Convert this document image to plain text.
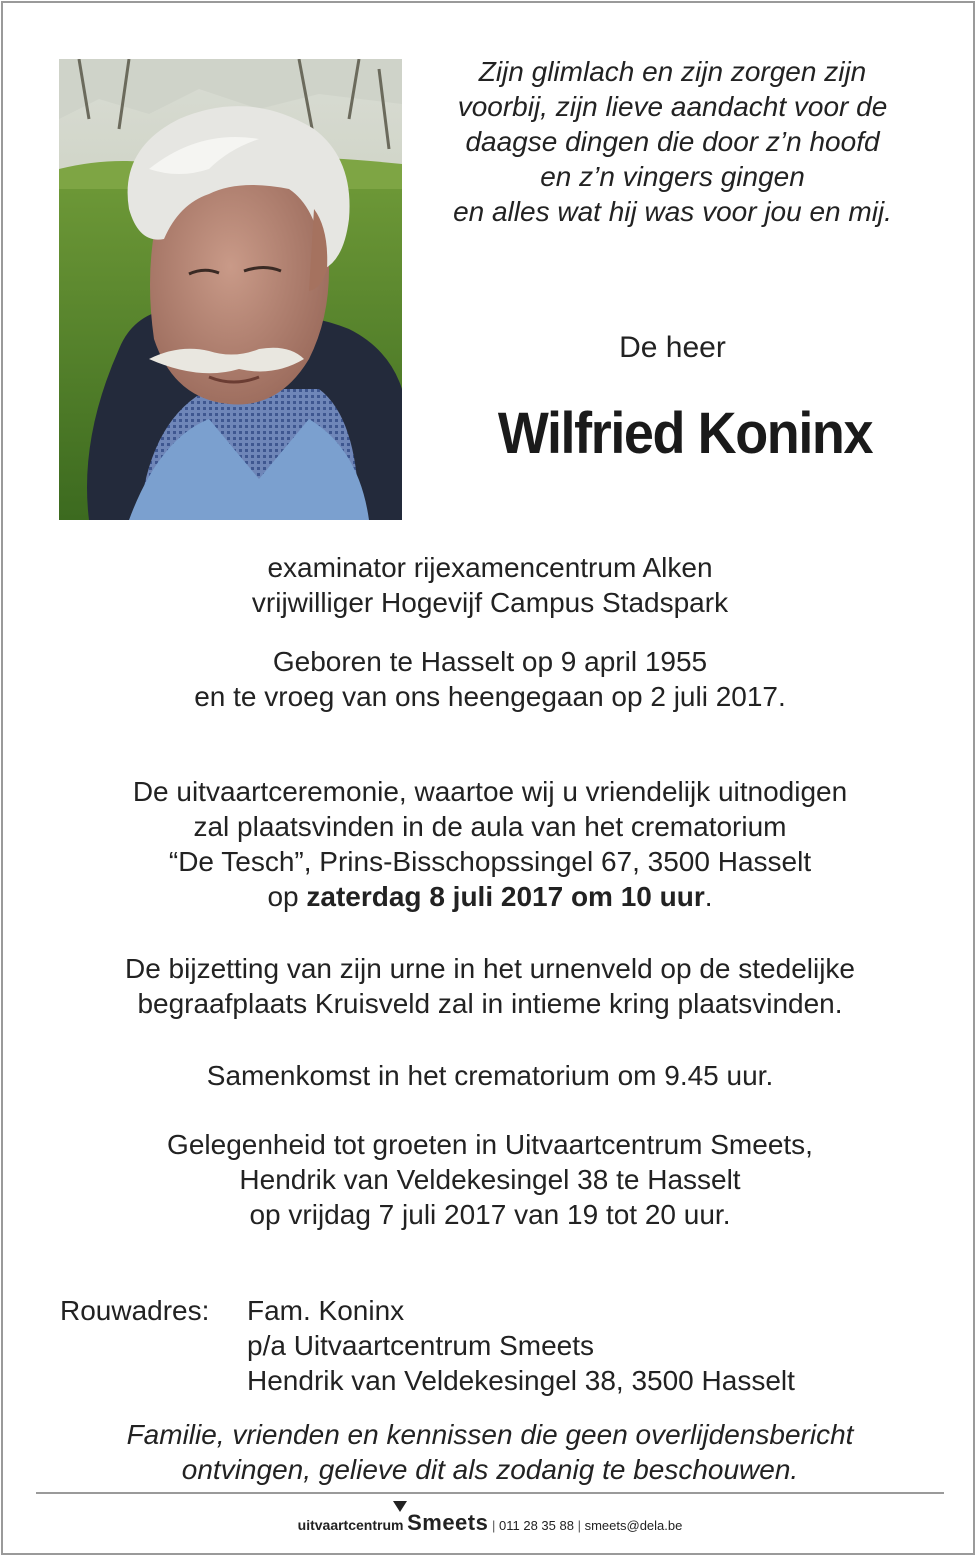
Zijn glimlach en zijn zorgen zijn
voorbij, zijn lieve aandacht voor de
daagse dingen die door z’n hoofd
en z’n vingers gingen
en alles wat hij was voor jou en mij.
De heer
Wilfried Koninx
examinator rijexamencentrum Alken
vrijwilliger Hogevijf Campus Stadspark
Geboren te Hasselt op 9 april 1955
en te vroeg van ons heengegaan op 2 juli 2017.
De uitvaartceremonie, waartoe wij u vriendelijk uitnodigen
zal plaatsvinden in de aula van het crematorium
“De Tesch”, Prins-Bisschopssingel 67, 3500 Hasselt
op zaterdag 8 juli 2017 om 10 uur.
De bijzetting van zijn urne in het urnenveld op de stedelijke
begraafplaats Kruisveld zal in intieme kring plaatsvinden.
Samenkomst in het crematorium om 9.45 uur.
Gelegenheid tot groeten in Uitvaartcentrum Smeets,
Hendrik van Veldekesingel 38 te Hasselt
op vrijdag 7 juli 2017 van 19 tot 20 uur.
Rouwadres: Fam. Koninx
p/a Uitvaartcentrum Smeets
Hendrik van Veldekesingel 38, 3500 Hasselt
Familie, vrienden en kennissen die geen overlijdensbericht
ontvingen, gelieve dit als zodanig te beschouwen.
uitvaartcentrum Smeets | 011 28 35 88 | smeets@dela.be
